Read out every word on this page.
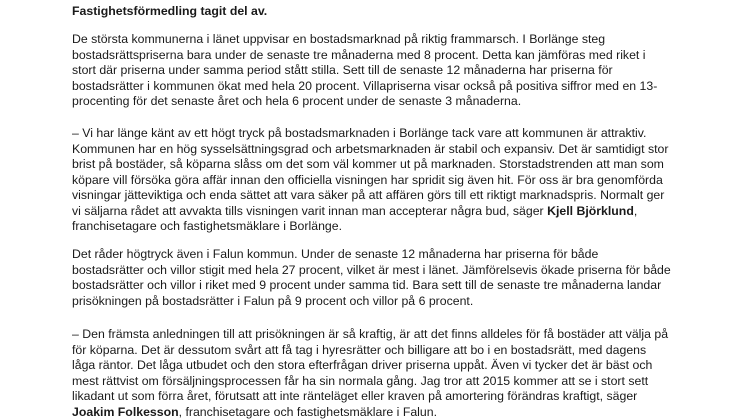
Fastighetsförmedling tagit del av.

De största kommunerna i länet uppvisar en bostadsmarknad på riktig frammarsch. I Borlänge steg bostadsrättspriserna bara under de senaste tre månaderna med 8 procent. Detta kan jämföras med riket i stort där priserna under samma period stått stilla. Sett till de senaste 12 månaderna har priserna för bostadsrätter i kommunen ökat med hela 20 procent. Villapriserna visar också på positiva siffror med en 13-procenting för det senaste året och hela 6 procent under de senaste 3 månaderna.

– Vi har länge känt av ett högt tryck på bostadsmarknaden i Borlänge tack vare att kommunen är attraktiv. Kommunen har en hög sysselsättningsgrad och arbetsmarknaden är stabil och expansiv. Det är samtidigt stor brist på bostäder, så köparna slåss om det som väl kommer ut på marknaden. Storstadstrenden att man som köpare vill försöka göra affär innan den officiella visningen har spridit sig även hit. För oss är bra genomförda visningar jätteviktiga och enda sättet att vara säker på att affären görs till ett riktigt marknadspris. Normalt ger vi säljarna rådet att avvakta tills visningen varit innan man accepterar några bud, säger Kjell Björklund, franchisetagare och fastighetsmäklare i Borlänge.

Det råder högtryck även i Falun kommun. Under de senaste 12 månaderna har priserna för både bostadsrätter och villor stigit med hela 27 procent, vilket är mest i länet. Jämförelsevis ökade priserna för både bostadsrätter och villor i riket med 9 procent under samma tid. Bara sett till de senaste tre månaderna landar prisökningen på bostadsrätter i Falun på 9 procent och villor på 6 procent.

– Den främsta anledningen till att prisökningen är så kraftig, är att det finns alldeles för få bostäder att välja på för köparna. Det är dessutom svårt att få tag i hyresrätter och billigare att bo i en bostadsrätt, med dagens låga räntor. Det låga utbudet och den stora efterfrågan driver priserna uppåt. Även vi tycker det är bäst och mest rättvist om försäljningsprocessen får ha sin normala gång. Jag tror att 2015 kommer att se i stort sett likadant ut som förra året, förutsatt att inte ränteläget eller kraven på amortering förändras kraftigt, säger Joakim Folkesson, franchisetagare och fastighetsmäklare i Falun.
